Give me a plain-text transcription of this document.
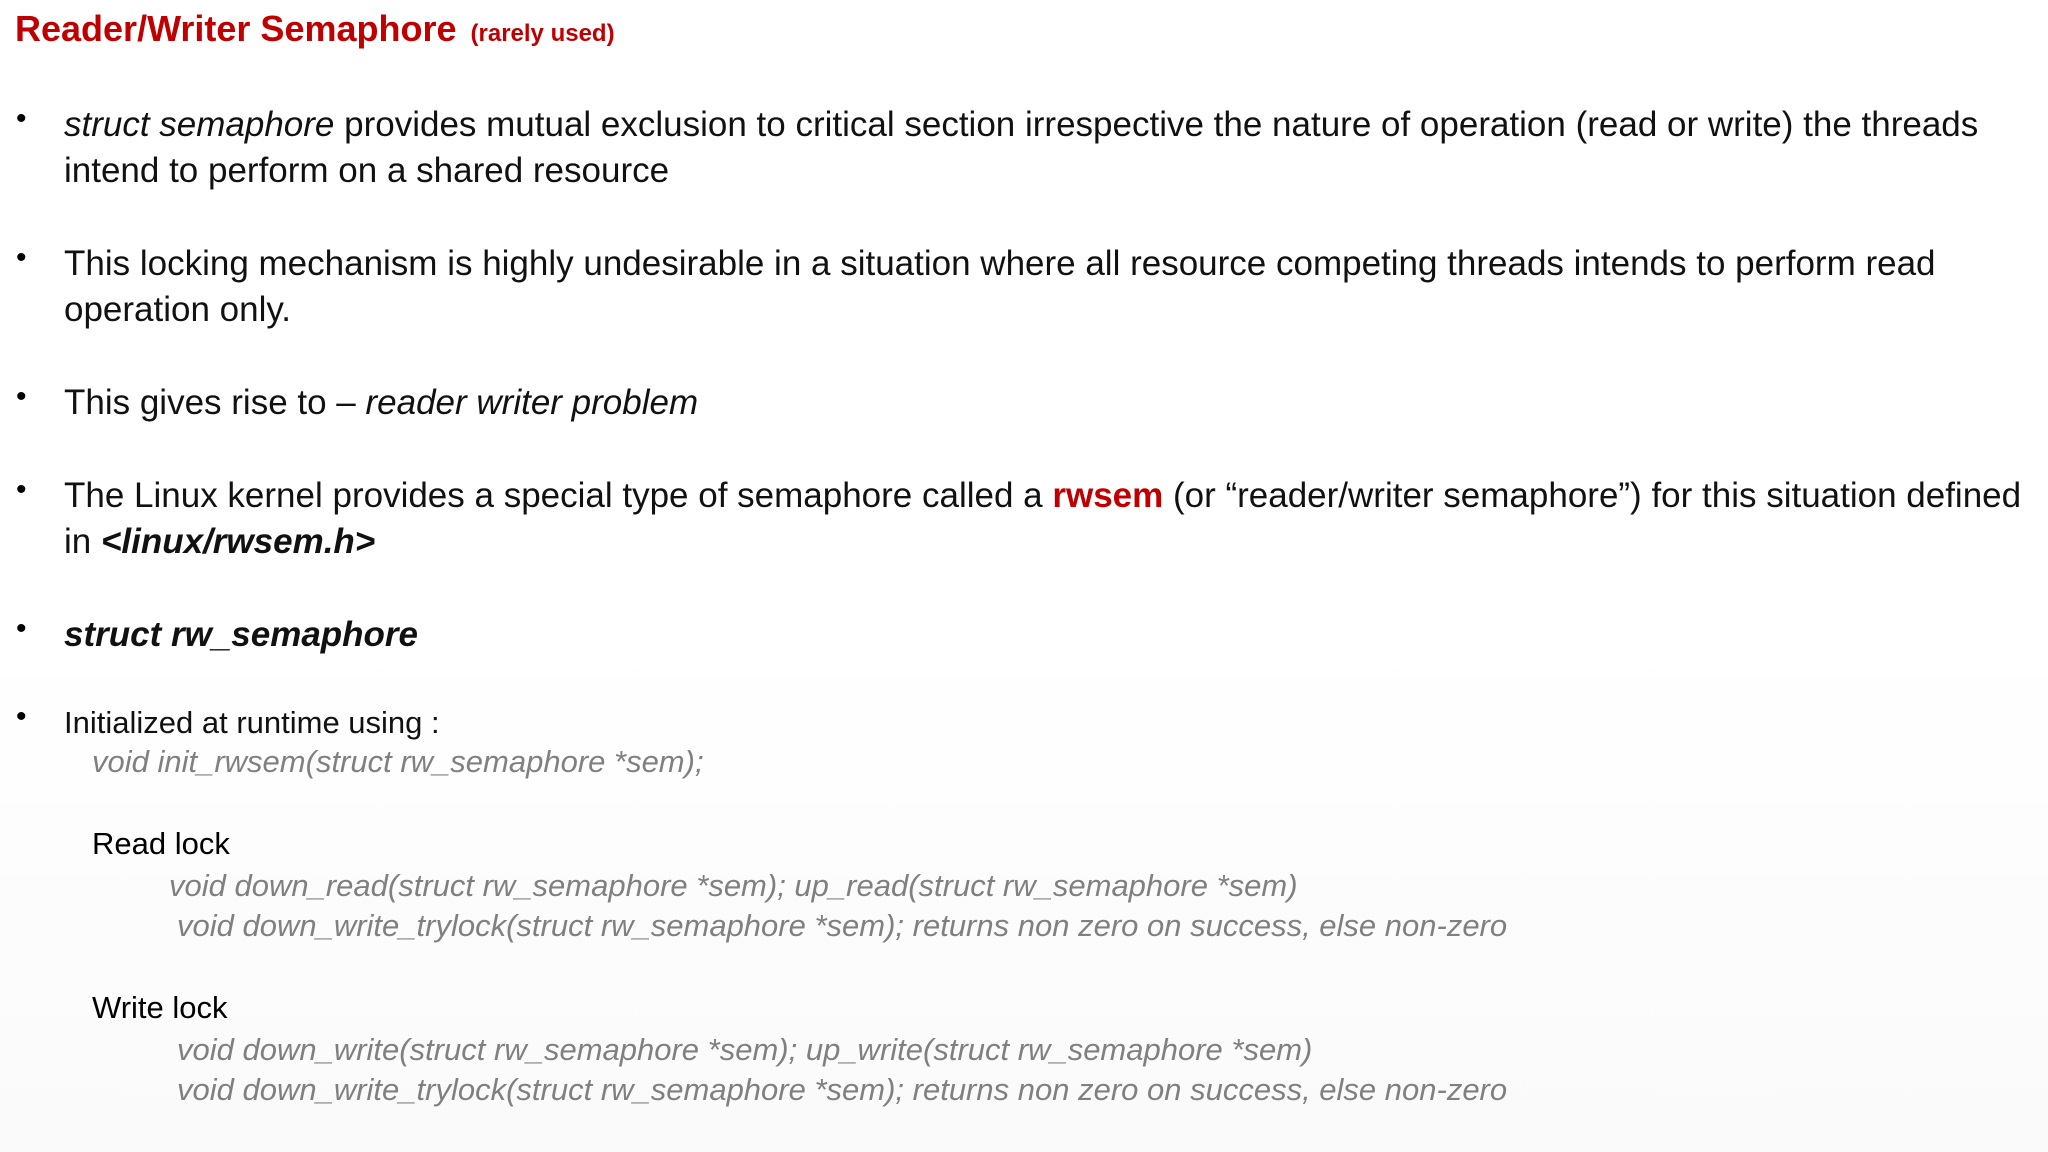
Reader/Writer Semaphore (rarely used)
• struct semaphore provides mutual exclusion to critical section irrespective the nature of operation (read or write) the threads intend to perform on a shared resource
• This locking mechanism is highly undesirable in a situation where all resource competing threads intends to perform read operation only.
• This gives rise to – reader writer problem
• The Linux kernel provides a special type of semaphore called a rwsem (or “reader/writer semaphore”) for this situation defined in <linux/rwsem.h>
• struct rw_semaphore
• Initialized at runtime using :
void init_rwsem(struct rw_semaphore *sem);
Read lock
void down_read(struct rw_semaphore *sem); up_read(struct rw_semaphore *sem)
void down_write_trylock(struct rw_semaphore *sem); returns non zero on success, else non-zero
Write lock
void down_write(struct rw_semaphore *sem); up_write(struct rw_semaphore *sem)
void down_write_trylock(struct rw_semaphore *sem); returns non zero on success, else non-zero
